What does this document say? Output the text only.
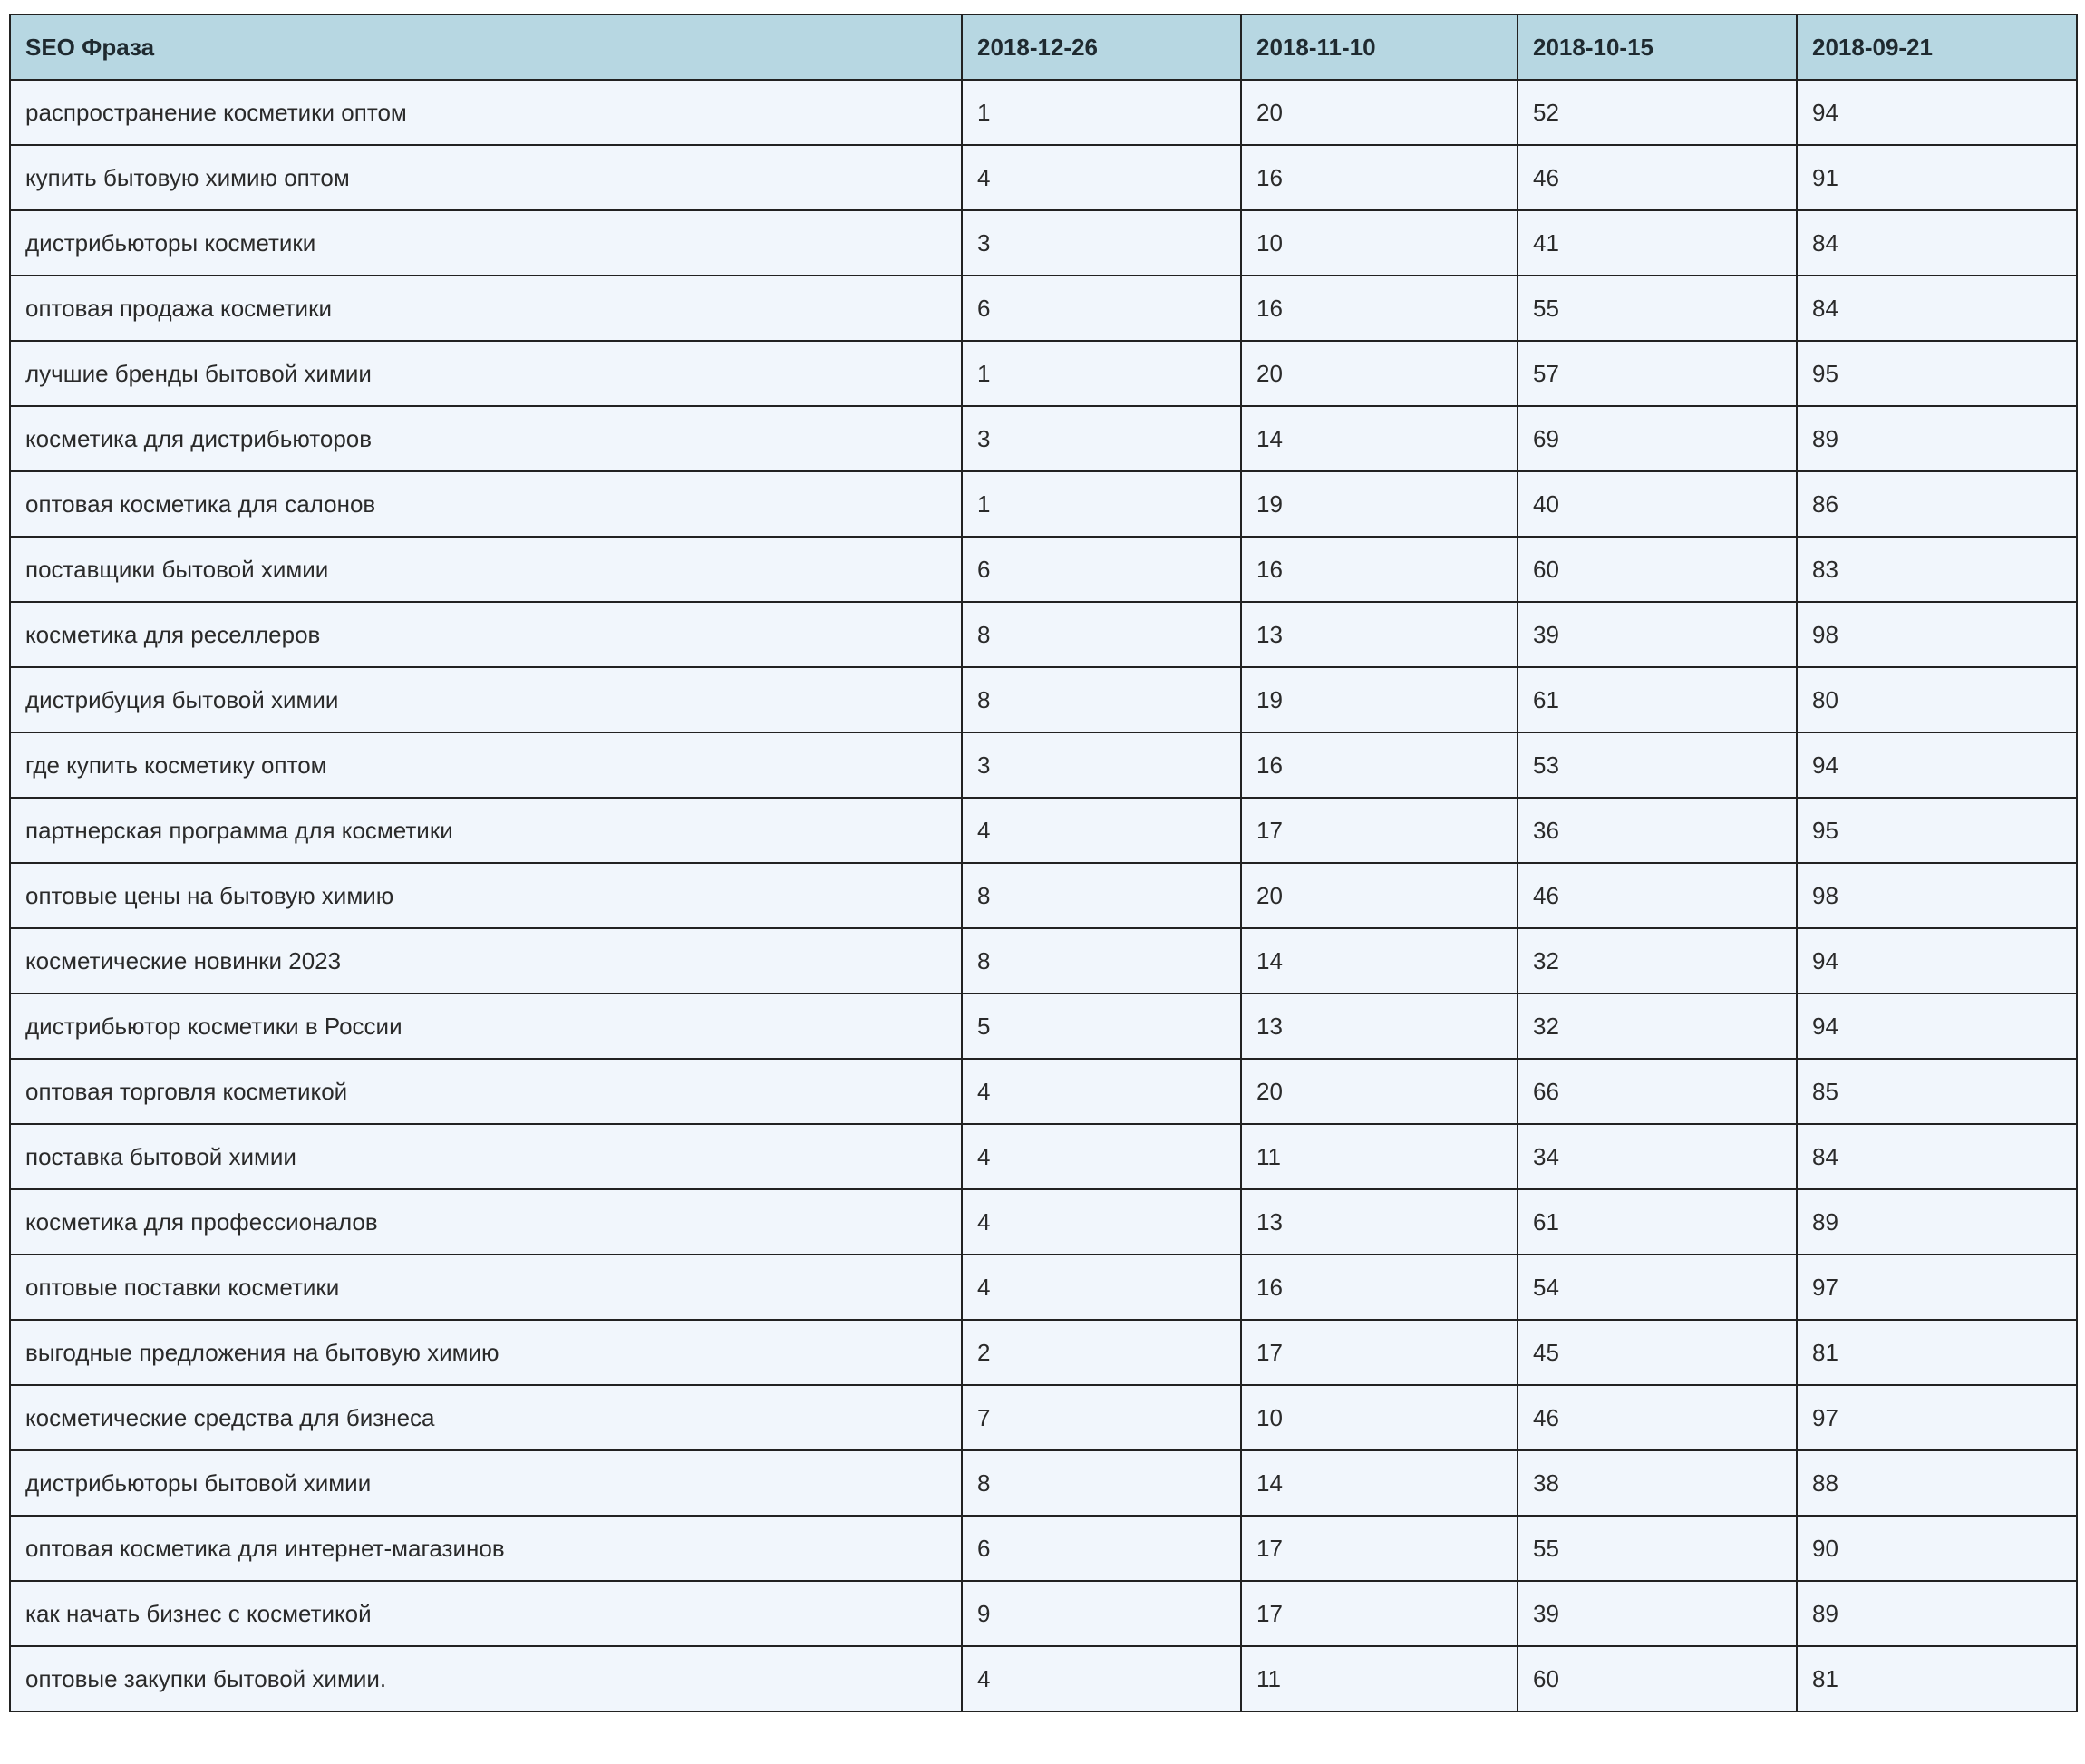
SEO Фраза	2018-12-26	2018-11-10	2018-10-15	2018-09-21
распространение косметики оптом	1	20	52	94
купить бытовую химию оптом	4	16	46	91
дистрибьюторы косметики	3	10	41	84
оптовая продажа косметики	6	16	55	84
лучшие бренды бытовой химии	1	20	57	95
косметика для дистрибьюторов	3	14	69	89
оптовая косметика для салонов	1	19	40	86
поставщики бытовой химии	6	16	60	83
косметика для реселлеров	8	13	39	98
дистрибуция бытовой химии	8	19	61	80
где купить косметику оптом	3	16	53	94
партнерская программа для косметики	4	17	36	95
оптовые цены на бытовую химию	8	20	46	98
косметические новинки 2023	8	14	32	94
дистрибьютор косметики в России	5	13	32	94
оптовая торговля косметикой	4	20	66	85
поставка бытовой химии	4	11	34	84
косметика для профессионалов	4	13	61	89
оптовые поставки косметики	4	16	54	97
выгодные предложения на бытовую химию	2	17	45	81
косметические средства для бизнеса	7	10	46	97
дистрибьюторы бытовой химии	8	14	38	88
оптовая косметика для интернет-магазинов	6	17	55	90
как начать бизнес с косметикой	9	17	39	89
оптовые закупки бытовой химии.	4	11	60	81
